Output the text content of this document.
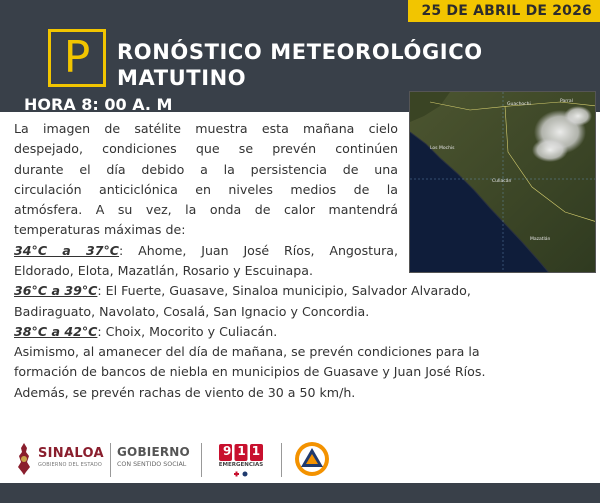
25 DE ABRIL DE 2026
P	RONÓSTICO METEOROLÓGICO
MATUTINO
HORA 8: 00 A. M	Guachochi
Parral
Los Mochis
Culiacán
Mazatlán
La imagen de satélite muestra esta mañana cielo
despejado, condiciones que se prevén continúen
durante el día debido a la persistencia de una
circulación anticiclónica en niveles medios de la
atmósfera. A su vez, la onda de calor mantendrá
temperaturas máximas de:
34°C a 37°C: Ahome, Juan José Ríos, Angostura,
Eldorado, Elota, Mazatlán, Rosario y Escuinapa.
36°C a 39°C: El Fuerte, Guasave, Sinaloa municipio, Salvador Alvarado,
Badiraguato, Navolato, Cosalá, San Ignacio y Concordia.
38°C a 42°C: Choix, Mocorito y Culiacán.
Asimismo, al amanecer del día de mañana, se prevén condiciones para la
formación de bancos de niebla en municipios de Guasave y Juan José Ríos.
Además, se prevén rachas de viento de 30 a 50 km/h.
SINALOA
GOBIERNO DEL ESTADO
GOBIERNO
CON SENTIDO SOCIAL
911
EMERGENCIAS
